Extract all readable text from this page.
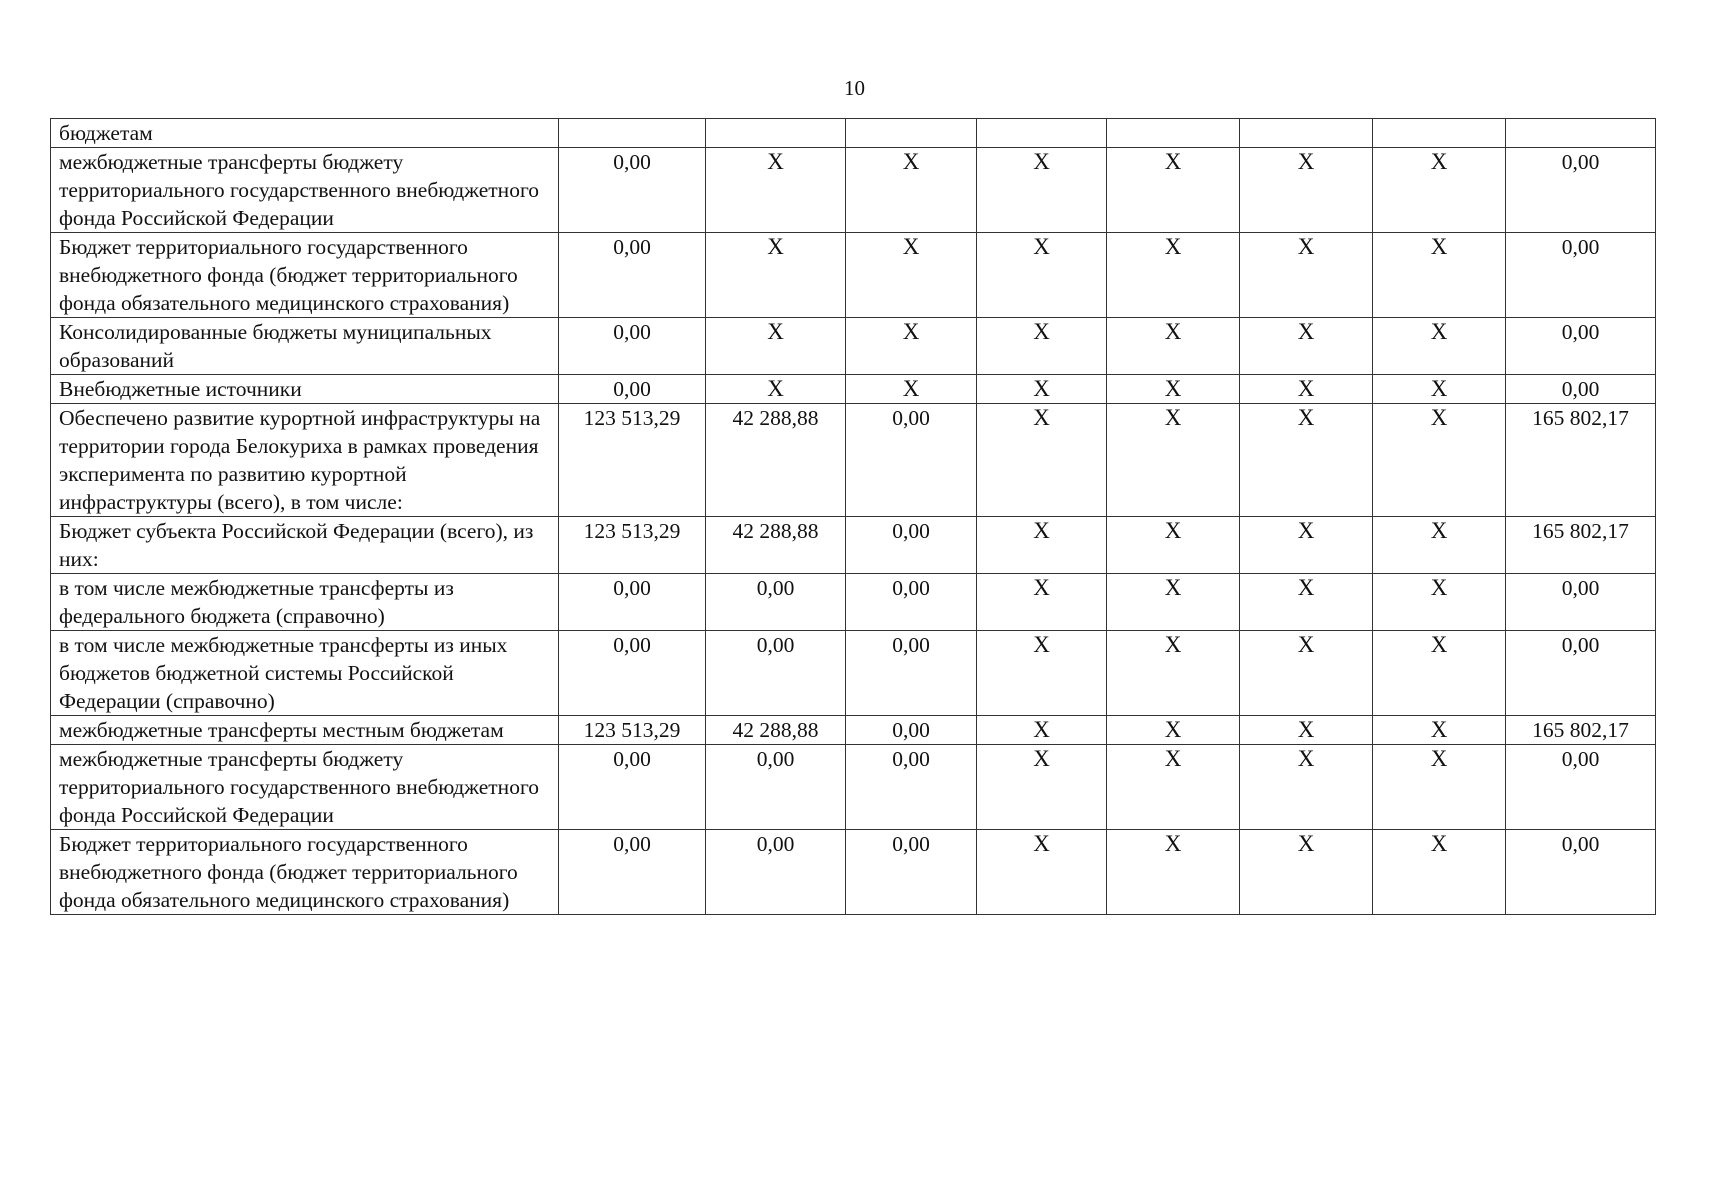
10
бюджетам								
межбюджетные трансферты бюджету территориального государственного внебюджетного фонда Российской Федерации	0,00	X	X	X	X	X	X	0,00
Бюджет территориального государственного внебюджетного фонда (бюджет территориального фонда обязательного медицинского страхования)	0,00	X	X	X	X	X	X	0,00
Консолидированные бюджеты муниципальных образований	0,00	X	X	X	X	X	X	0,00
Внебюджетные источники	0,00	X	X	X	X	X	X	0,00
Обеспечено развитие курортной инфраструктуры на территории города Белокуриха в рамках проведения эксперимента по развитию курортной инфраструктуры (всего), в том числе:	123 513,29	42 288,88	0,00	X	X	X	X	165 802,17
Бюджет субъекта Российской Федерации (всего), из них:	123 513,29	42 288,88	0,00	X	X	X	X	165 802,17
в том числе межбюджетные трансферты из федерального бюджета (справочно)	0,00	0,00	0,00	X	X	X	X	0,00
в том числе межбюджетные трансферты из иных бюджетов бюджетной системы Российской Федерации (справочно)	0,00	0,00	0,00	X	X	X	X	0,00
межбюджетные трансферты местным бюджетам	123 513,29	42 288,88	0,00	X	X	X	X	165 802,17
межбюджетные трансферты бюджету территориального государственного внебюджетного фонда Российской Федерации	0,00	0,00	0,00	X	X	X	X	0,00
Бюджет территориального государственного внебюджетного фонда (бюджет территориального фонда обязательного медицинского страхования)	0,00	0,00	0,00	X	X	X	X	0,00
